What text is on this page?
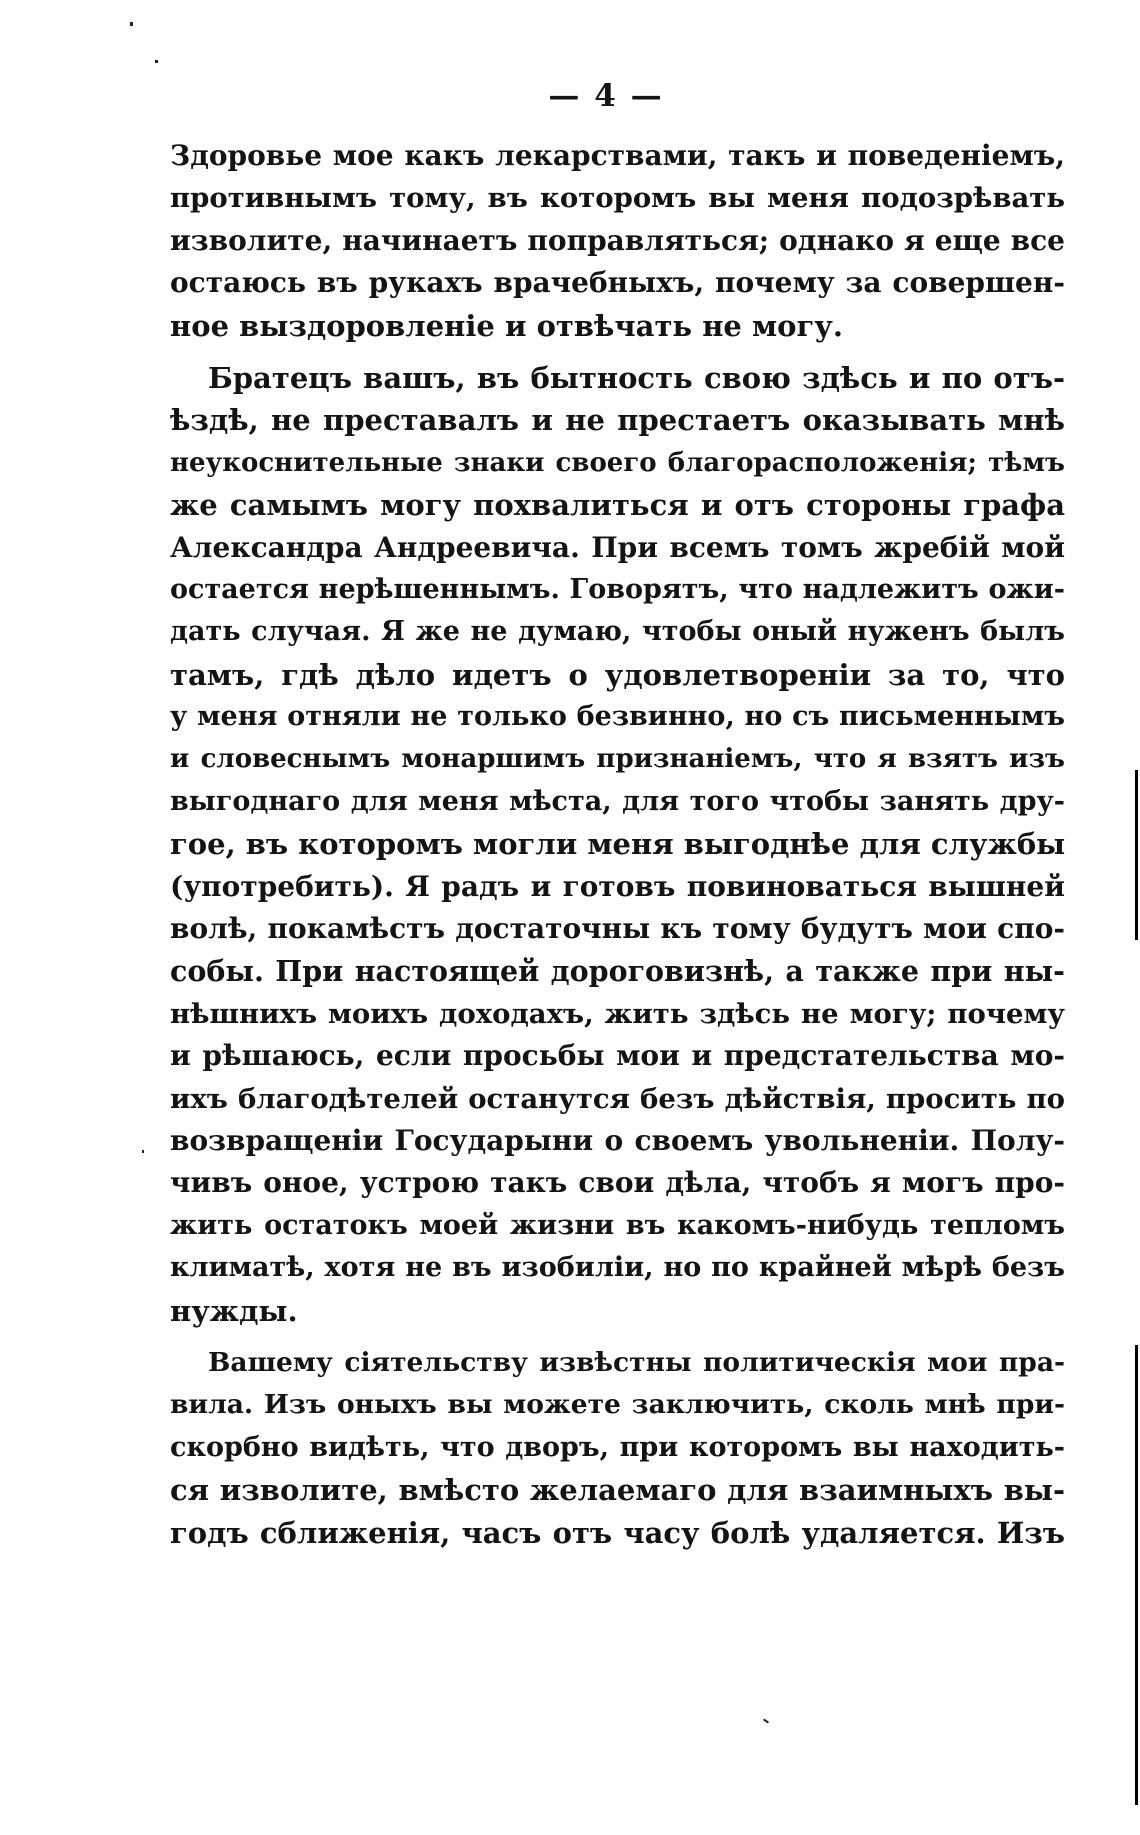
— 4 —
Здоровье мое какъ лекарствами, такъ и поведеніемъ,
противнымъ тому, въ которомъ вы меня подозрѣвать
изволите, начинаетъ поправляться; однако я еще все
остаюсь въ рукахъ врачебныхъ, почему за совершен-
ное выздоровленіе и отвѣчать не могу.
Братецъ вашъ, въ бытность свою здѣсь и по отъ-
ѣздѣ, не преставалъ и не престаетъ оказывать мнѣ
неукоснительные знаки своего благорасположенія; тѣмъ
же самымъ могу похвалиться и отъ стороны графа
Александра Андреевича. При всемъ томъ жребій мой
остается нерѣшеннымъ. Говорятъ, что надлежитъ ожи-
дать случая. Я же не думаю, чтобы оный нуженъ былъ
тамъ, гдѣ дѣло идетъ о удовлетвореніи за то, что
у меня отняли не только безвинно, но съ письменнымъ
и словеснымъ монаршимъ признаніемъ, что я взятъ изъ
выгоднаго для меня мѣста, для того чтобы занять дру-
гое, въ которомъ могли меня выгоднѣе для службы
(употребить). Я радъ и готовъ повиноваться вышней
волѣ, покамѣстъ достаточны къ тому будутъ мои спо-
собы. При настоящей дороговизнѣ, а также при ны-
нѣшнихъ моихъ доходахъ, жить здѣсь не могу; почему
и рѣшаюсь, если просьбы мои и предстательства мо-
ихъ благодѣтелей останутся безъ дѣйствія, просить по
возвращеніи Государыни о своемъ увольненіи. Полу-
чивъ оное, устрою такъ свои дѣла, чтобъ я могъ про-
жить остатокъ моей жизни въ какомъ-нибудь тепломъ
климатѣ, хотя не въ изобиліи, но по крайней мѣрѣ безъ
нужды.
Вашему сіятельству извѣстны политическія мои пра-
вила. Изъ оныхъ вы можете заключить, сколь мнѣ при-
скорбно видѣть, что дворъ, при которомъ вы находить-
ся изволите, вмѣсто желаемаго для взаимныхъ вы-
годъ сближенія, часъ отъ часу болѣ удаляется. Изъ
